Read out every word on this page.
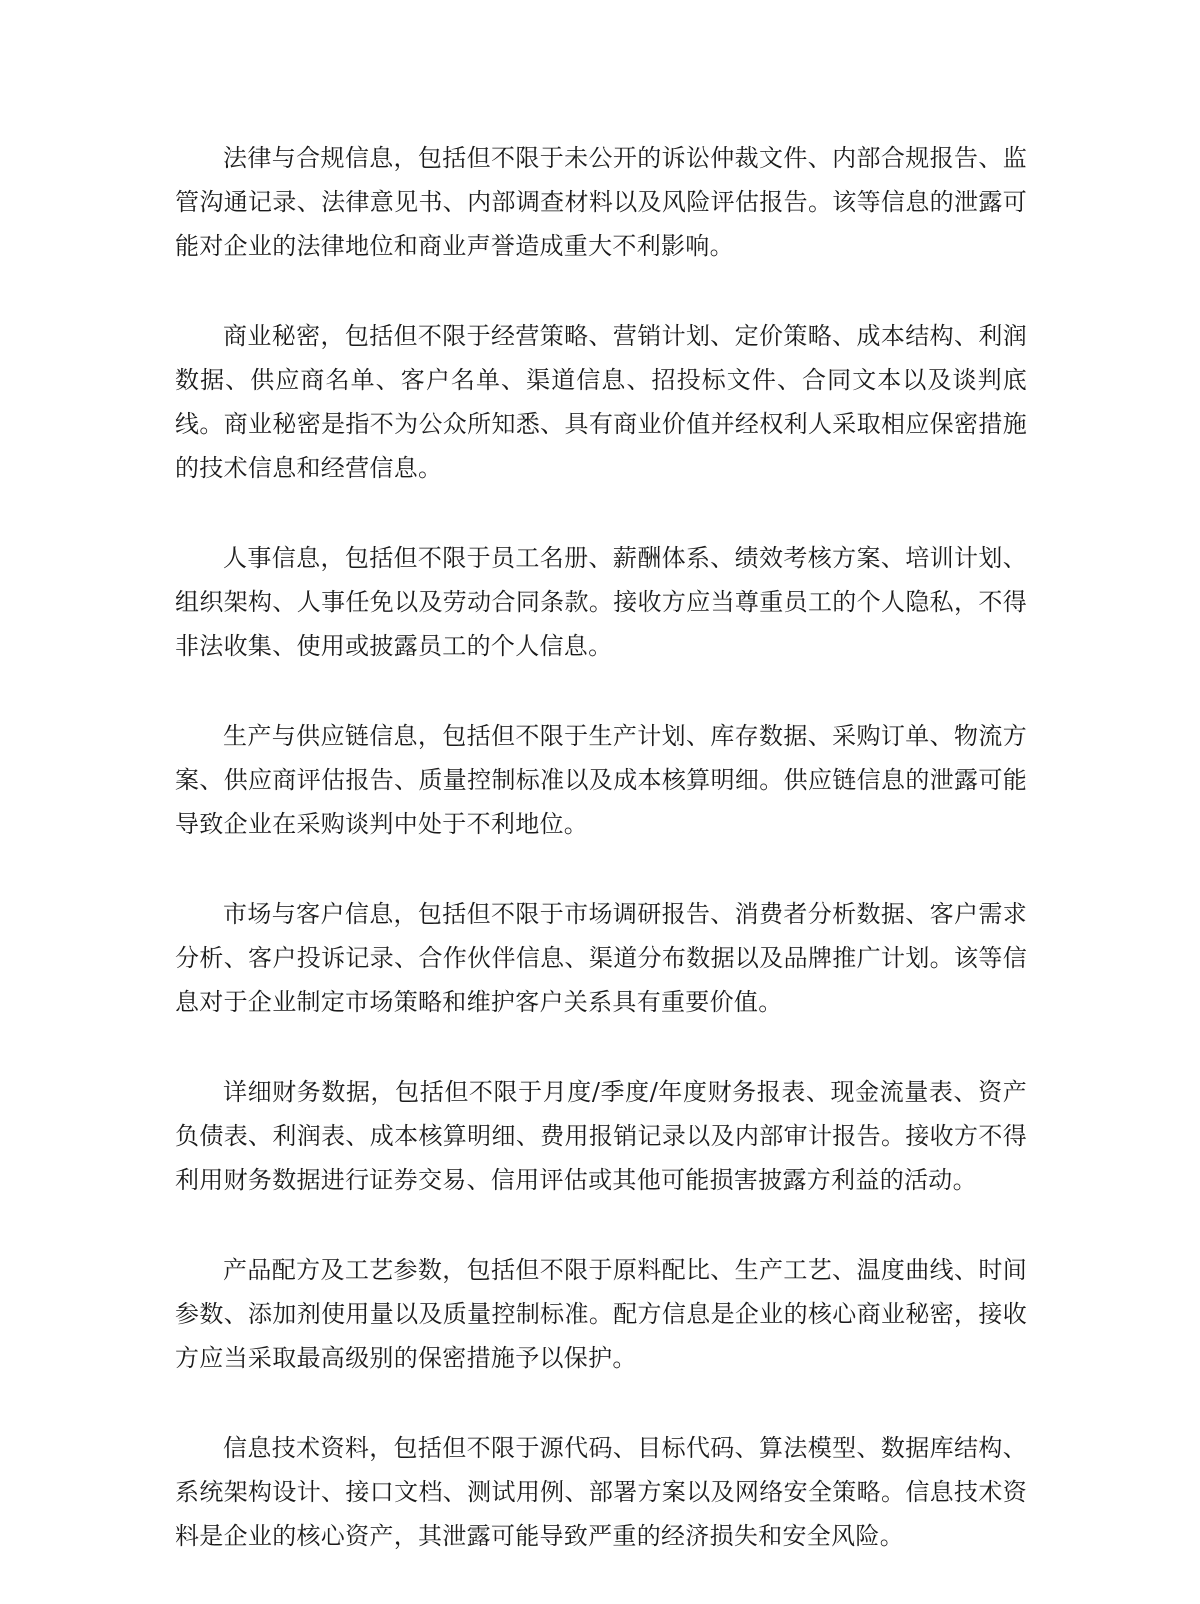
法律与合规信息，包括但不限于未公开的诉讼仲裁文件、内部合规报告、监管沟通记录、法律意见书、内部调查材料以及风险评估报告。该等信息的泄露可能对企业的法律地位和商业声誉造成重大不利影响。

商业秘密，包括但不限于经营策略、营销计划、定价策略、成本结构、利润数据、供应商名单、客户名单、渠道信息、招投标文件、合同文本以及谈判底线。商业秘密是指不为公众所知悉、具有商业价值并经权利人采取相应保密措施的技术信息和经营信息。

人事信息，包括但不限于员工名册、薪酬体系、绩效考核方案、培训计划、组织架构、人事任免以及劳动合同条款。接收方应当尊重员工的个人隐私，不得非法收集、使用或披露员工的个人信息。

生产与供应链信息，包括但不限于生产计划、库存数据、采购订单、物流方案、供应商评估报告、质量控制标准以及成本核算明细。供应链信息的泄露可能导致企业在采购谈判中处于不利地位。

市场与客户信息，包括但不限于市场调研报告、消费者分析数据、客户需求分析、客户投诉记录、合作伙伴信息、渠道分布数据以及品牌推广计划。该等信息对于企业制定市场策略和维护客户关系具有重要价值。

详细财务数据，包括但不限于月度/季度/年度财务报表、现金流量表、资产负债表、利润表、成本核算明细、费用报销记录以及内部审计报告。接收方不得利用财务数据进行证券交易、信用评估或其他可能损害披露方利益的活动。

产品配方及工艺参数，包括但不限于原料配比、生产工艺、温度曲线、时间参数、添加剂使用量以及质量控制标准。配方信息是企业的核心商业秘密，接收方应当采取最高级别的保密措施予以保护。

信息技术资料，包括但不限于源代码、目标代码、算法模型、数据库结构、系统架构设计、接口文档、测试用例、部署方案以及网络安全策略。信息技术资料是企业的核心资产，其泄露可能导致严重的经济损失和安全风险。
